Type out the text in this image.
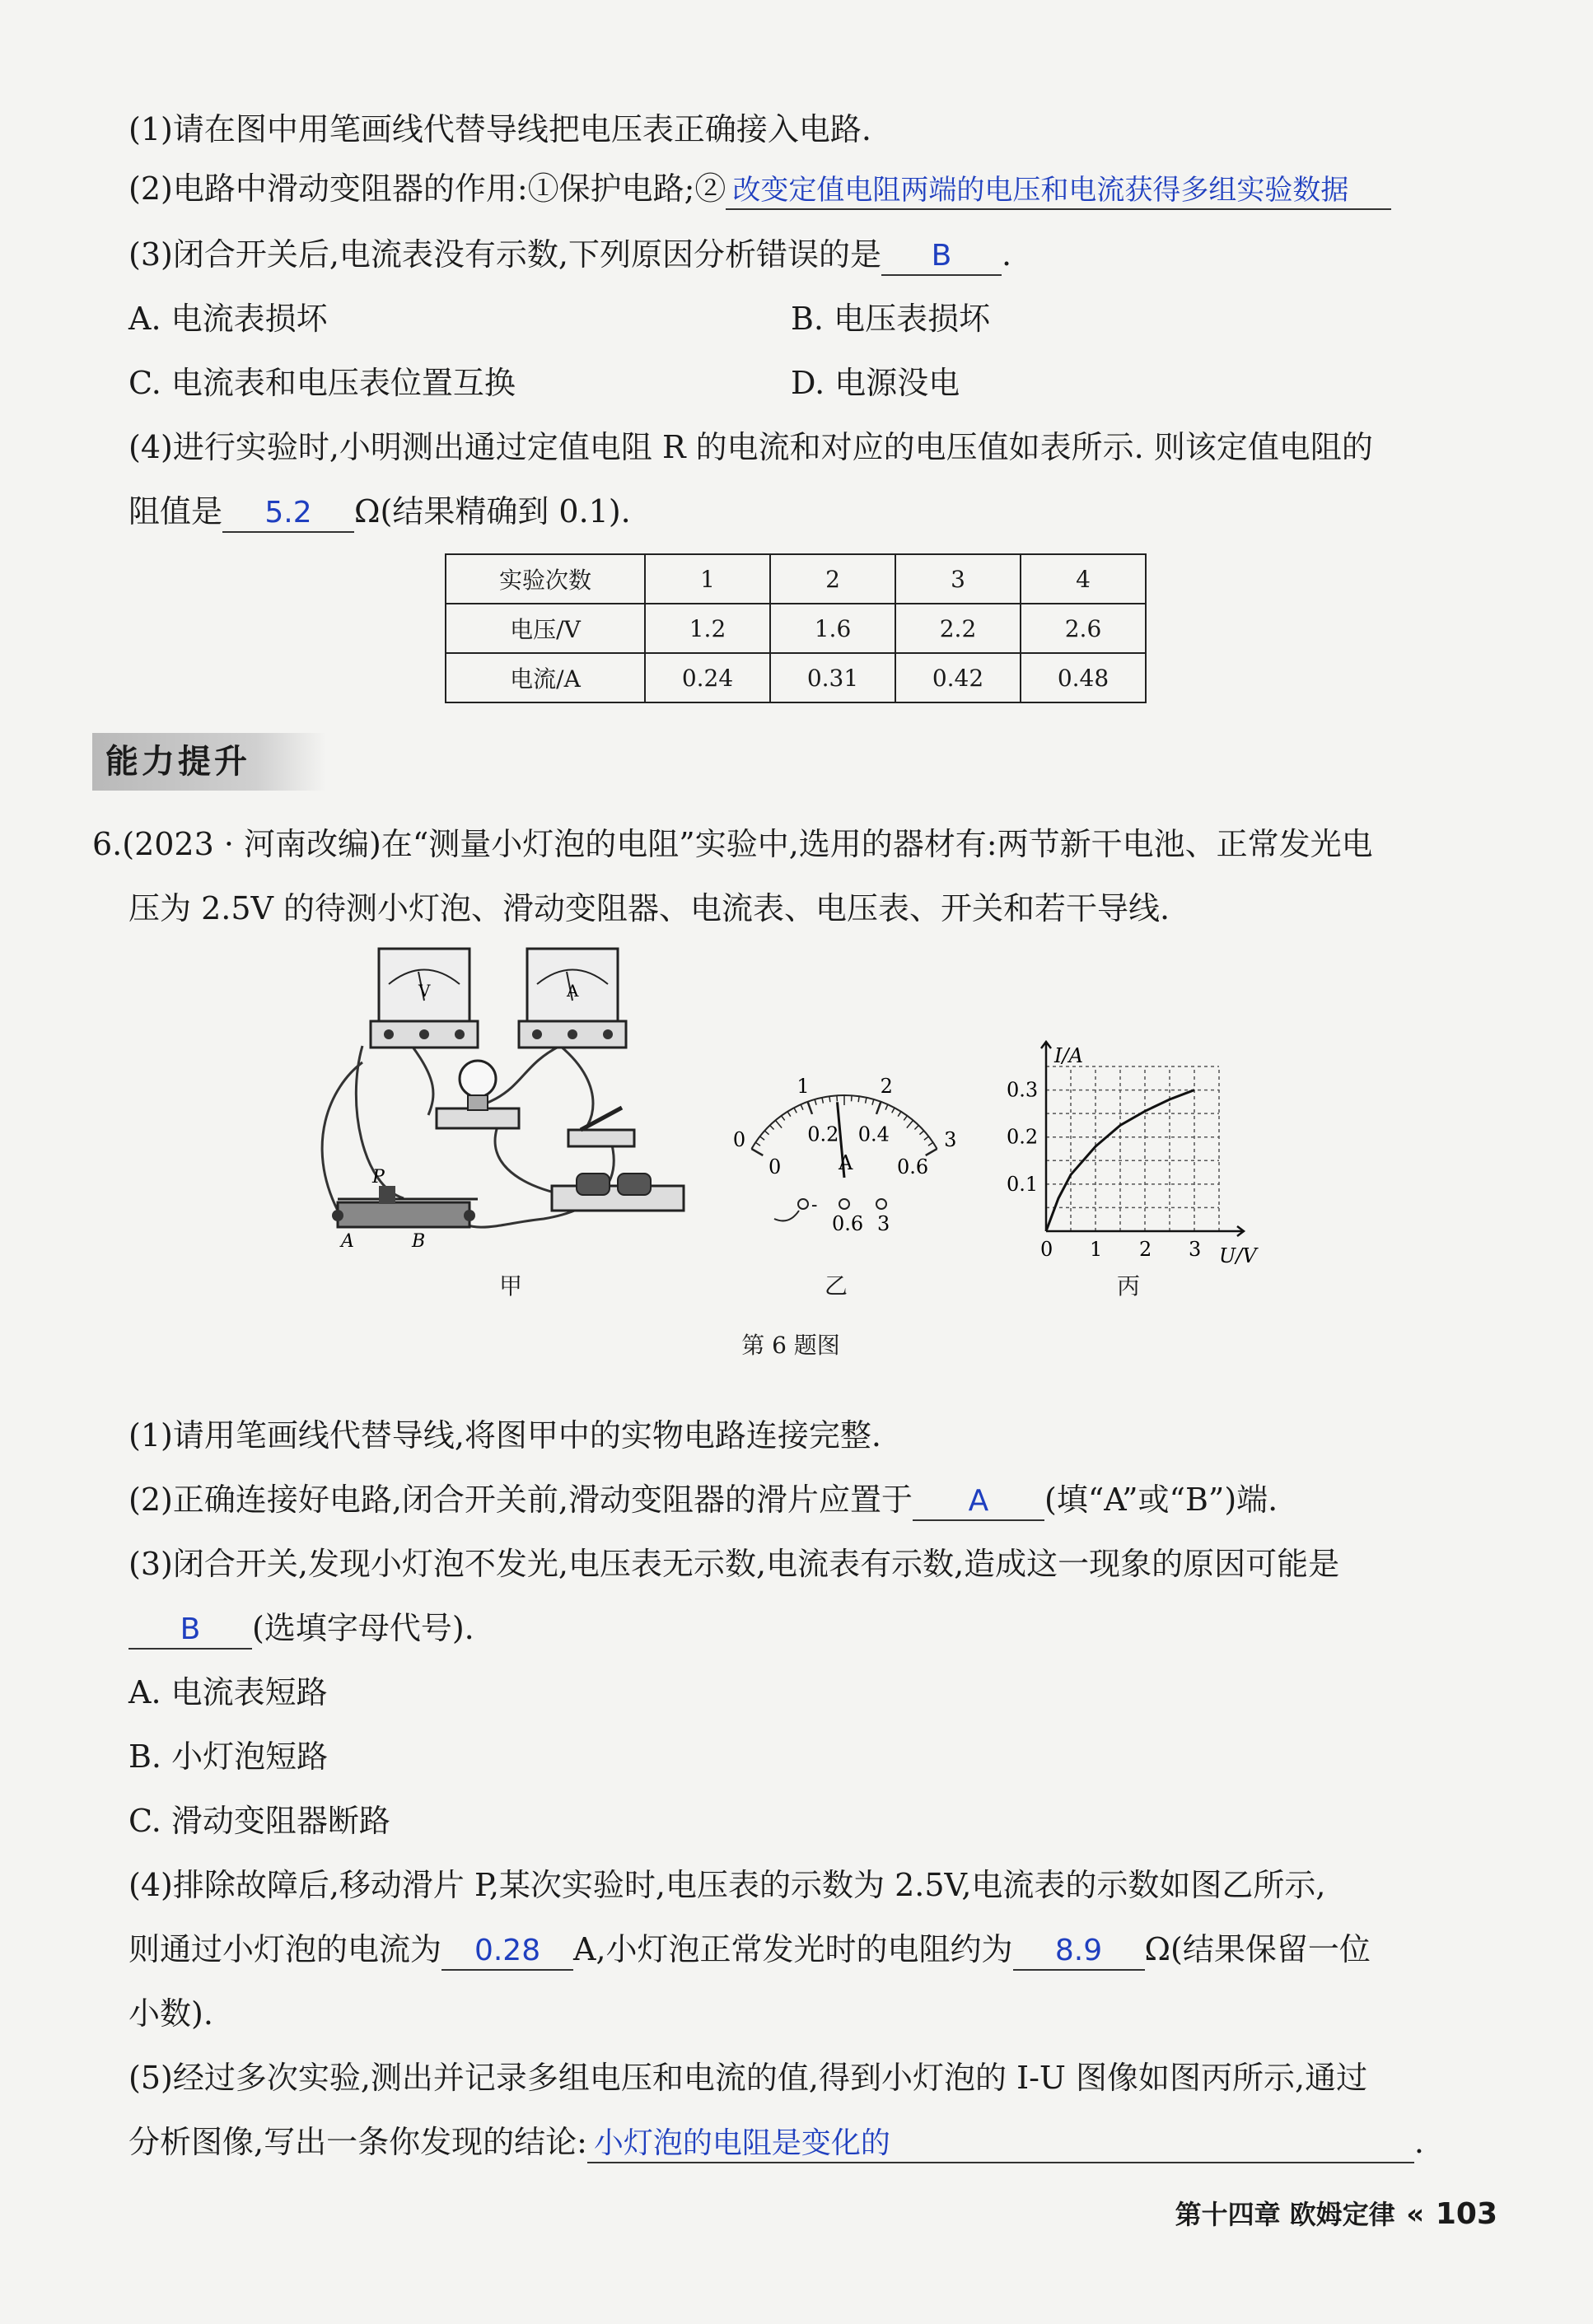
(1)请在图中用笔画线代替导线把电压表正确接入电路.
(2)电路中滑动变阻器的作用:①保护电路;② 改变定值电阻两端的电压和电流获得多组实验数据
(3)闭合开关后,电流表没有示数,下列原因分析错误的是 B .
A. 电流表损坏	B. 电压表损坏
C. 电流表和电压表位置互换	D. 电源没电
(4)进行实验时,小明测出通过定值电阻 R 的电流和对应的电压值如表所示. 则该定值电阻的
阻值是 5.2 Ω(结果精确到 0.1).
实验次数	1	2	3	4
电压/V	1.2	1.6	2.2	2.6
电流/A	0.24	0.31	0.42	0.48
能力提升
6.(2023 · 河南改编)在“测量小灯泡的电阻”实验中,选用的器材有:两节新干电池、正常发光电
压为 2.5V 的待测小灯泡、滑动变阻器、电流表、电压表、开关和若干导线.
V	A
P
A	B
0
1	2
3
0
0.2 0.4
0.6
A
-
0.6 3
0 1 2 3
0.1
0.2
0.3
I/A
U/V
甲	乙	丙
第 6 题图
(1)请用笔画线代替导线,将图甲中的实物电路连接完整.
(2)正确连接好电路,闭合开关前,滑动变阻器的滑片应置于 A (填“A”或“B”)端.
(3)闭合开关,发现小灯泡不发光,电压表无示数,电流表有示数,造成这一现象的原因可能是
B (选填字母代号).
A. 电流表短路
B. 小灯泡短路
C. 滑动变阻器断路
(4)排除故障后,移动滑片 P,某次实验时,电压表的示数为 2.5V,电流表的示数如图乙所示,
则通过小灯泡的电流为 0.28 A,小灯泡正常发光时的电阻约为 8.9 Ω(结果保留一位
小数).
(5)经过多次实验,测出并记录多组电压和电流的值,得到小灯泡的 I-U 图像如图丙所示,通过
分析图像,写出一条你发现的结论: 小灯泡的电阻是变化的	.
第十四章 欧姆定律 « 103
